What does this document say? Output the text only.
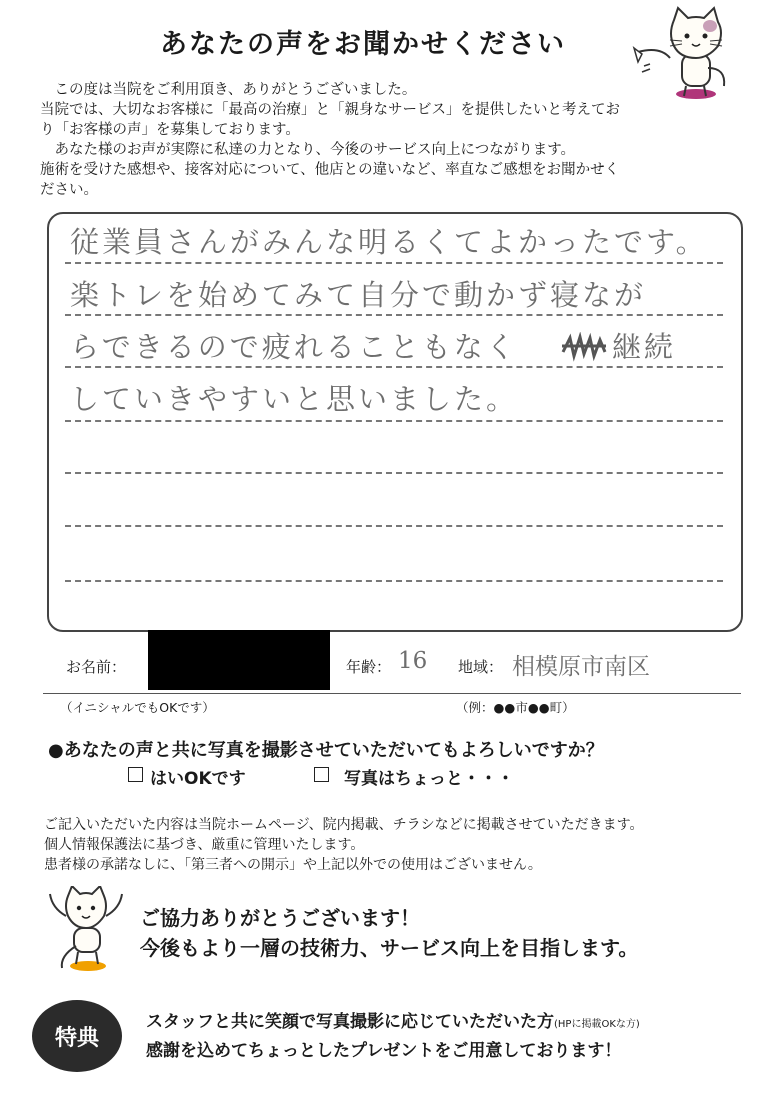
あなたの声をお聞かせください

この度は当院をご利用頂き、ありがとうございました。

当院では、大切なお客様に「最高の治療」と「親身なサービス」を提供したいと考えてお

り「お客様の声」を募集しております。

あなた様のお声が実際に私達の力となり、今後のサービス向上につながります。

施術を受けた感想や、接客対応について、他店との違いなど、率直なご感想をお聞かせく

ださい。

従業員さんがみんな明るくてよかったです。
楽トレを始めてみて自分で動かず寝なが
らできるので疲れることもなく	継続
していきやすいと思いました。
お名前：	年齢： 16 地域： 相模原市南区
（イニシャルでもOKです）	（例：●●市●●町）
●あなたの声と共に写真を撮影させていただいてもよろしいですか？
はいOKです	写真はちょっと・・・

ご記入いただいた内容は当院ホームページ、院内掲載、チラシなどに掲載させていただきます。

個人情報保護法に基づき、厳重に管理いたします。

患者様の承諾なしに、「第三者への開示」や上記以外での使用はございません。

ご協力ありがとうございます！

今後もより一層の技術力、サービス向上を目指します。

特典

スタッフと共に笑顔で写真撮影に応じていただいた方(HPに掲載OKな方)

感謝を込めてちょっとしたプレゼントをご用意しております！
